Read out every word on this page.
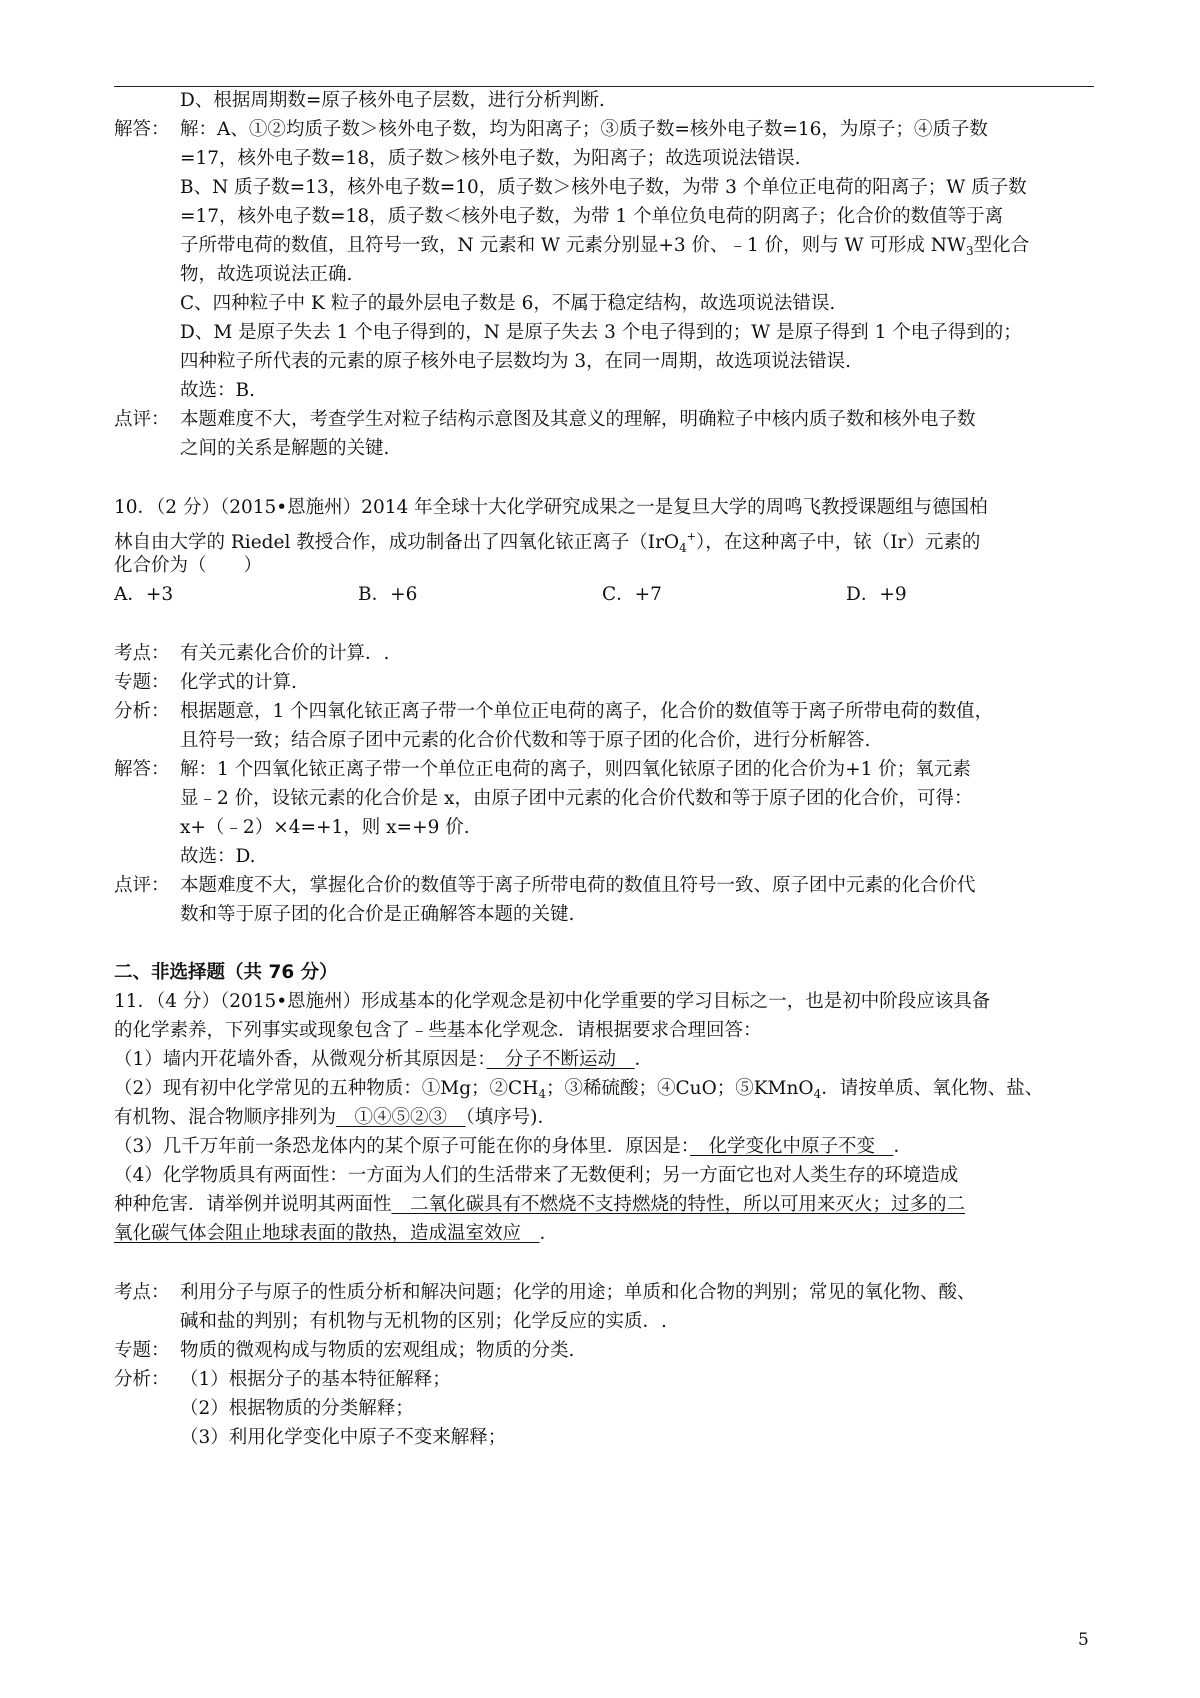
D、根据周期数=原子核外电子层数，进行分析判断.
解答： 解：A、①②均质子数＞核外电子数，均为阳离子；③质子数=核外电子数=16，为原子；④质子数
=17，核外电子数=18，质子数＞核外电子数，为阳离子；故选项说法错误.
B、N 质子数=13，核外电子数=10，质子数＞核外电子数，为带 3 个单位正电荷的阳离子；W 质子数
=17，核外电子数=18，质子数＜核外电子数，为带 1 个单位负电荷的阴离子；化合价的数值等于离
子所带电荷的数值，且符号一致，N 元素和 W 元素分别显+3 价、﹣1 价，则与 W 可形成 $NW_3$型化合
物，故选项说法正确.
C、四种粒子中 K 粒子的最外层电子数是 6，不属于稳定结构，故选项说法错误.
D、M 是原子失去 1 个电子得到的，N 是原子失去 3 个电子得到的；W 是原子得到 1 个电子得到的；
四种粒子所代表的元素的原子核外电子层数均为 3，在同一周期，故选项说法错误.
故选：B.
点评： 本题难度不大，考查学生对粒子结构示意图及其意义的理解，明确粒子中核内质子数和核外电子数
之间的关系是解题的关键.
10．（2 分）（2015•恩施州）2014 年全球十大化学研究成果之一是复旦大学的周鸣飞教授课题组与德国柏
林自由大学的 Riedel 教授合作，成功制备出了四氧化铱正离子（IrO$_4$+），在这种离子中，铱（Ir）元素的
化合价为（　　）
A．+3	B．+6	C．+7	D．+9
考点： 有关元素化合价的计算．.
专题： 化学式的计算.
分析： 根据题意，1 个四氧化铱正离子带一个单位正电荷的离子，化合价的数值等于离子所带电荷的数值，
且符号一致；结合原子团中元素的化合价代数和等于原子团的化合价，进行分析解答.
解答： 解：1 个四氧化铱正离子带一个单位正电荷的离子，则四氧化铱原子团的化合价为+1 价；氧元素
显﹣2 价，设铱元素的化合价是 x，由原子团中元素的化合价代数和等于原子团的化合价，可得：
x+（﹣2）×4=+1，则 x=+9 价.
故选：D.
点评： 本题难度不大，掌握化合价的数值等于离子所带电荷的数值且符号一致、原子团中元素的化合价代
数和等于原子团的化合价是正确解答本题的关键.
二、非选择题（共 76 分）
11．（4 分）（2015•恩施州）形成基本的化学观念是初中化学重要的学习目标之一，也是初中阶段应该具备
的化学素养，下列事实或现象包含了﹣些基本化学观念．请根据要求合理回答：
（1）墙内开花墙外香，从微观分析其原因是：　分子不断运动　．
（2）现有初中化学常见的五种物质：①Mg；$②CH_4$；③稀硫酸；④CuO；⑤KMnO$_4$．请按单质、氧化物、盐、
有机物、混合物顺序排列为　①④⑤②③　（填序号)．
（3）几千万年前一条恐龙体内的某个原子可能在你的身体里．原因是：　化学变化中原子不变　．
（4）化学物质具有两面性：一方面为人们的生活带来了无数便利；另一方面它也对人类生存的环境造成
种种危害．请举例并说明其两面性　二氧化碳具有不燃烧不支持燃烧的特性，所以可用来灭火；过多的二
氧化碳气体会阻止地球表面的散热，造成温室效应　．
考点： 利用分子与原子的性质分析和解决问题；化学的用途；单质和化合物的判别；常见的氧化物、酸、
碱和盐的判别；有机物与无机物的区别；化学反应的实质．.
专题： 物质的微观构成与物质的宏观组成；物质的分类.
分析： （1）根据分子的基本特征解释；
（2）根据物质的分类解释；
（3）利用化学变化中原子不变来解释；
5
